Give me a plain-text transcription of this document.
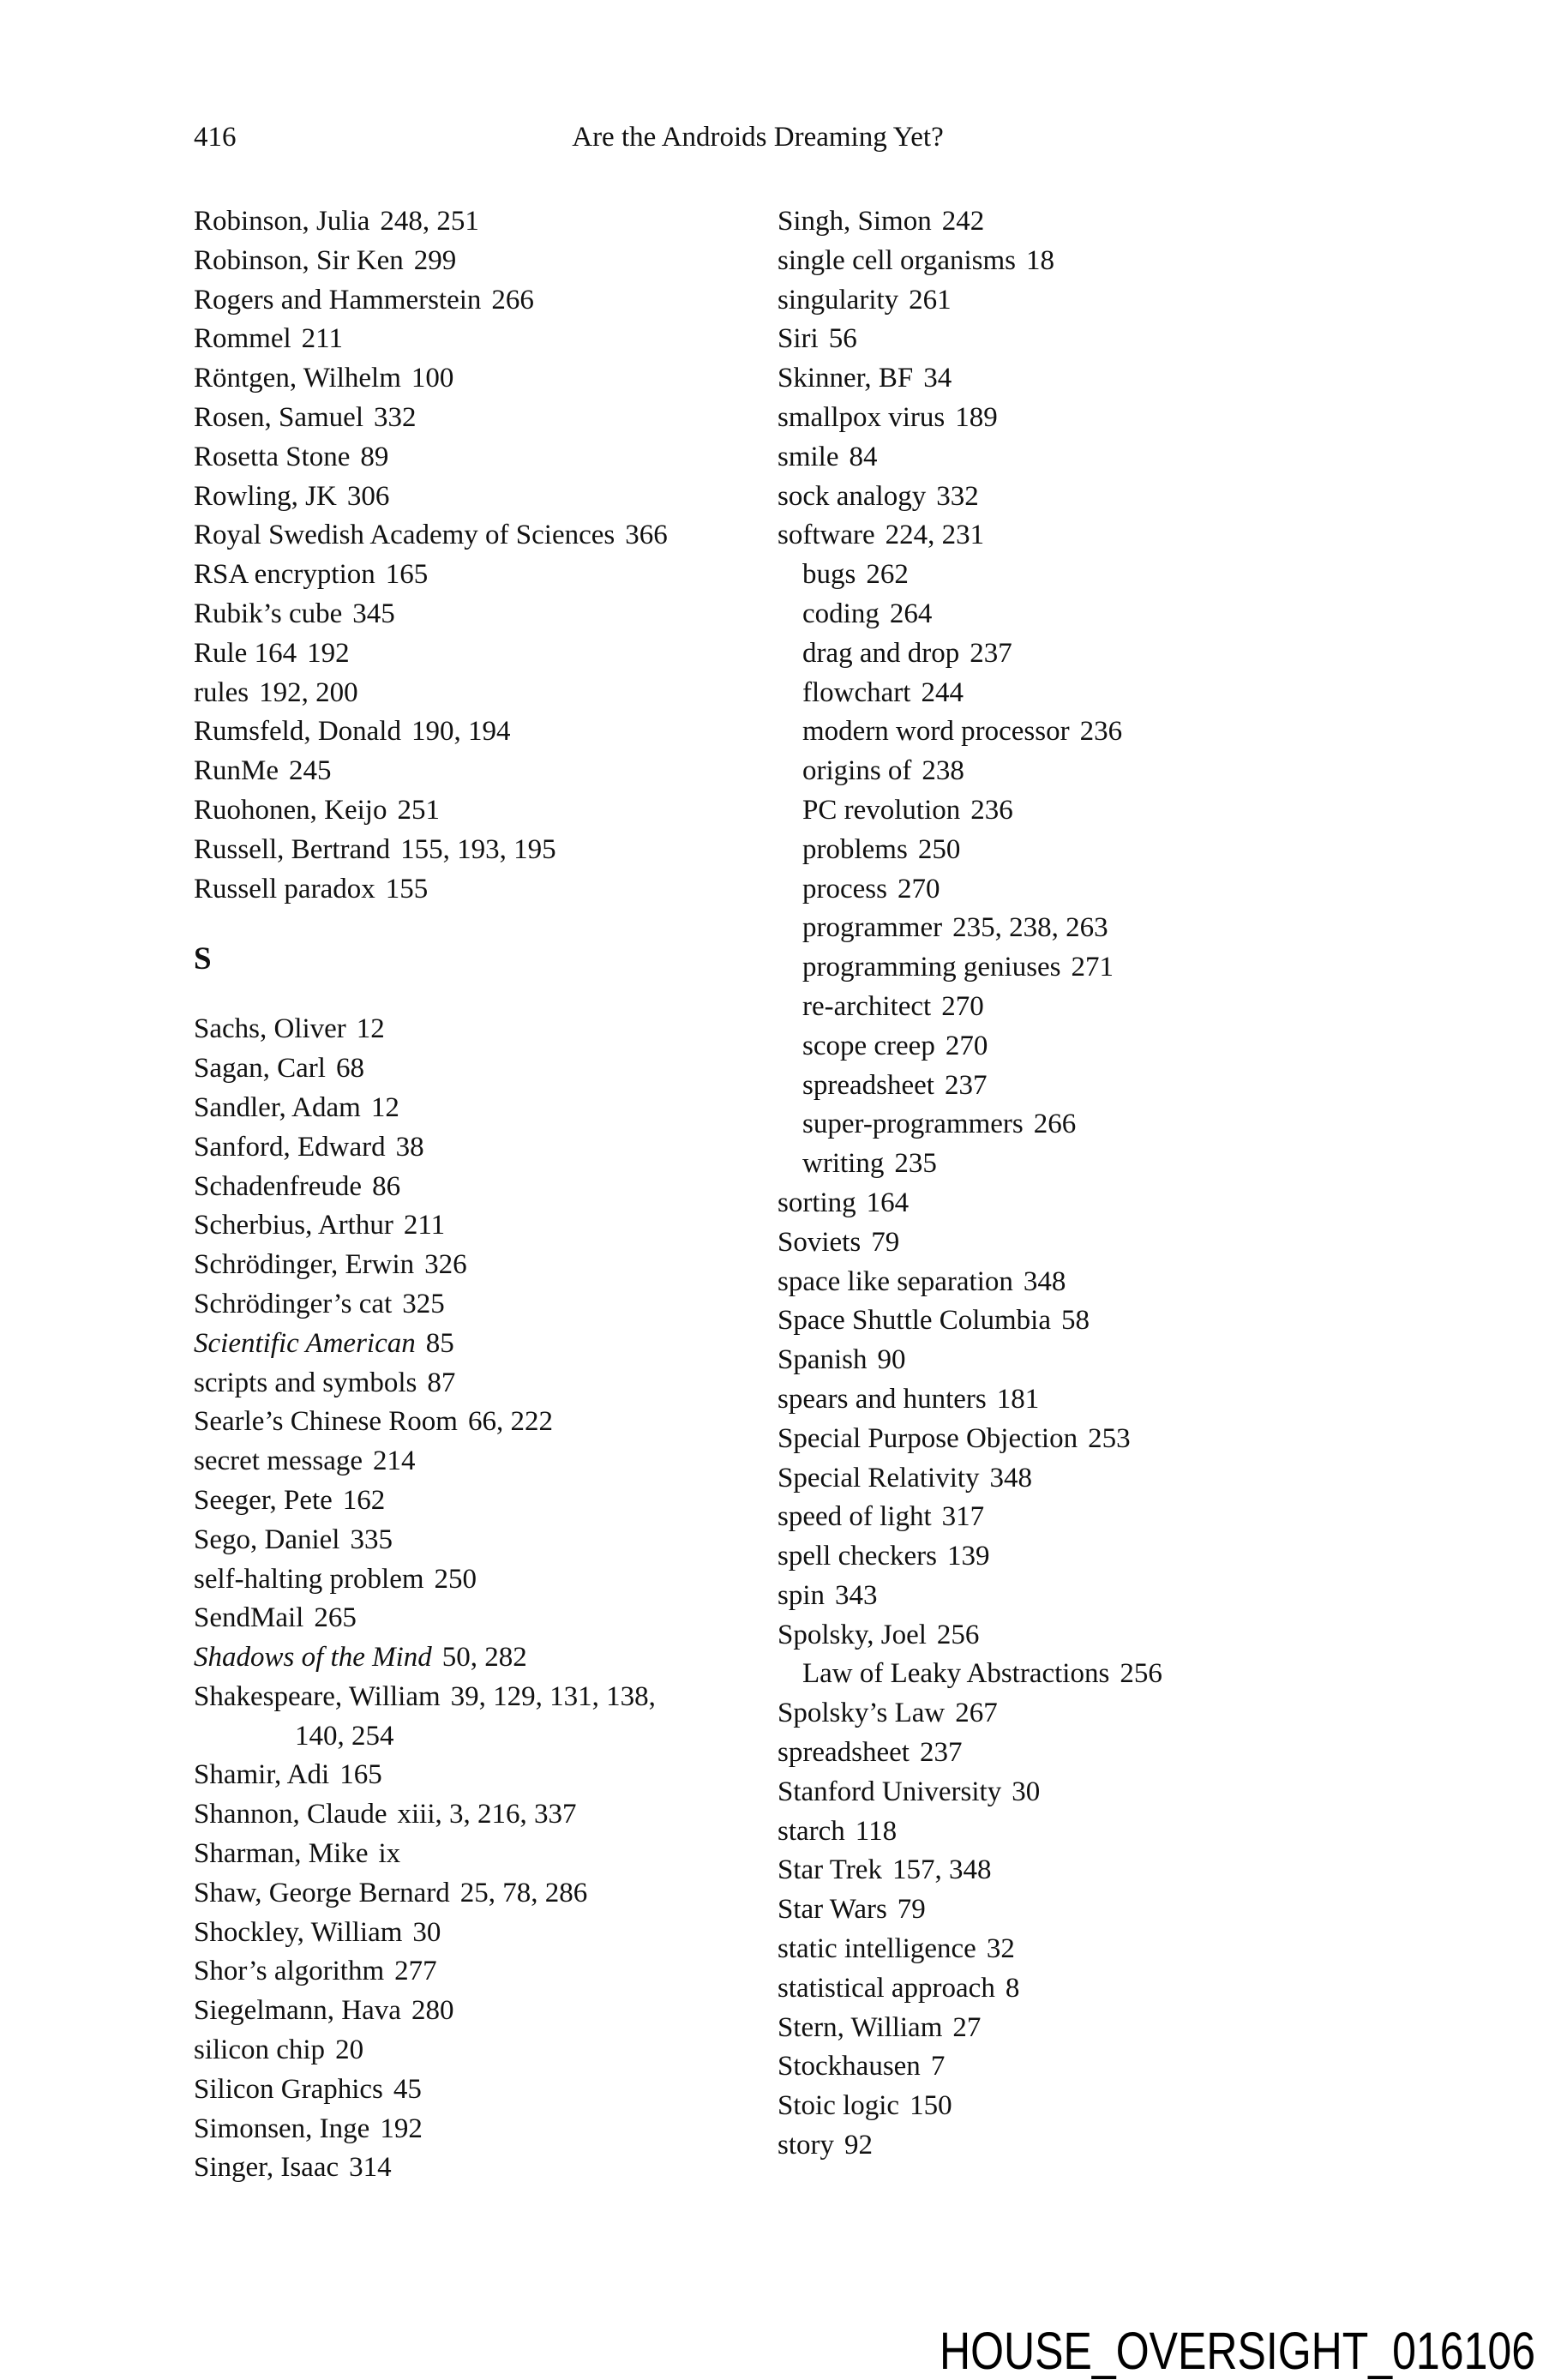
416	Are the Androids Dreaming Yet?
Robinson, Julia 248, 251
Robinson, Sir Ken 299
Rogers and Hammerstein 266
Rommel 211
Röntgen, Wilhelm 100
Rosen, Samuel 332
Rosetta Stone 89
Rowling, JK 306
Royal Swedish Academy of Sciences 366
RSA encryption 165
Rubik’s cube 345
Rule 164 192
rules 192, 200
Rumsfeld, Donald 190, 194
RunMe 245
Ruohonen, Keijo 251
Russell, Bertrand 155, 193, 195
Russell paradox 155
S
Sachs, Oliver 12
Sagan, Carl 68
Sandler, Adam 12
Sanford, Edward 38
Schadenfreude 86
Scherbius, Arthur 211
Schrödinger, Erwin 326
Schrödinger’s cat 325
Scientific American 85
scripts and symbols 87
Searle’s Chinese Room 66, 222
secret message 214
Seeger, Pete 162
Sego, Daniel 335
self-halting problem 250
SendMail 265
Shadows of the Mind 50, 282
Shakespeare, William 39, 129, 131, 138,
140, 254
Shamir, Adi 165
Shannon, Claude xiii, 3, 216, 337
Sharman, Mike ix
Shaw, George Bernard 25, 78, 286
Shockley, William 30
Shor’s algorithm 277
Siegelmann, Hava 280
silicon chip 20
Silicon Graphics 45
Simonsen, Inge 192
Singer, Isaac 314
Singh, Simon 242
single cell organisms 18
singularity 261
Siri 56
Skinner, BF 34
smallpox virus 189
smile 84
sock analogy 332
software 224, 231
bugs 262
coding 264
drag and drop 237
flowchart 244
modern word processor 236
origins of 238
PC revolution 236
problems 250
process 270
programmer 235, 238, 263
programming geniuses 271
re-architect 270
scope creep 270
spreadsheet 237
super-programmers 266
writing 235
sorting 164
Soviets 79
space like separation 348
Space Shuttle Columbia 58
Spanish 90
spears and hunters 181
Special Purpose Objection 253
Special Relativity 348
speed of light 317
spell checkers 139
spin 343
Spolsky, Joel 256
Law of Leaky Abstractions 256
Spolsky’s Law 267
spreadsheet 237
Stanford University 30
starch 118
Star Trek 157, 348
Star Wars 79
static intelligence 32
statistical approach 8
Stern, William 27
Stockhausen 7
Stoic logic 150
story 92
HOUSE_OVERSIGHT_016106
